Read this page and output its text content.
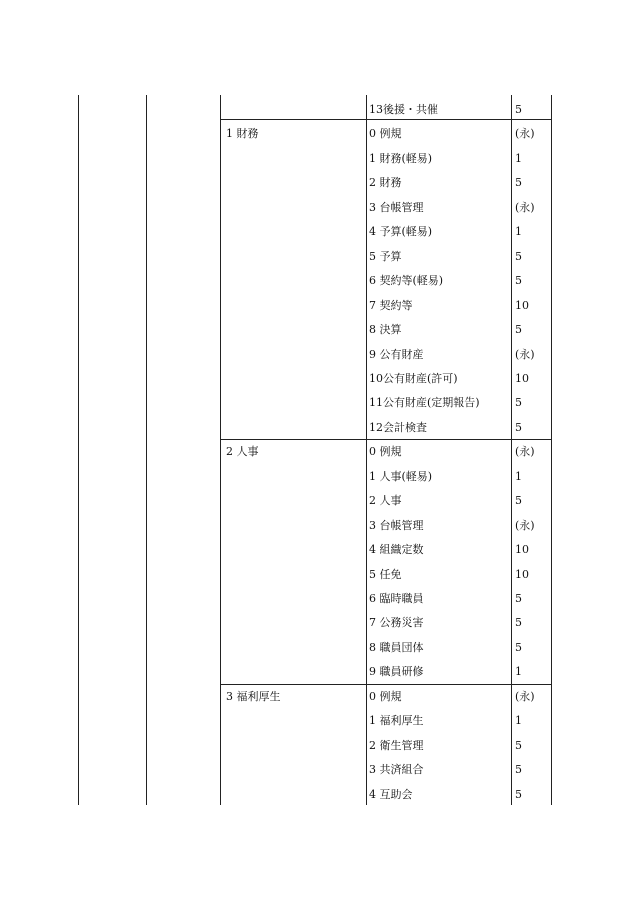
13後援・共催	5
1 財務	0 例規	(永)
1 財務(軽易)	1
2 財務	5
3 台帳管理	(永)
4 予算(軽易)	1
5 予算	5
6 契約等(軽易)	5
7 契約等	10
8 決算	5
9 公有財産	(永)
10公有財産(許可)	10
11公有財産(定期報告)	5
12会計検査	5
2 人事	0 例規	(永)
1 人事(軽易)	1
2 人事	5
3 台帳管理	(永)
4 組織定数	10
5 任免	10
6 臨時職員	5
7 公務災害	5
8 職員団体	5
9 職員研修	1
3 福利厚生	0 例規	(永)
1 福利厚生	1
2 衛生管理	5
3 共済組合	5
4 互助会	5
